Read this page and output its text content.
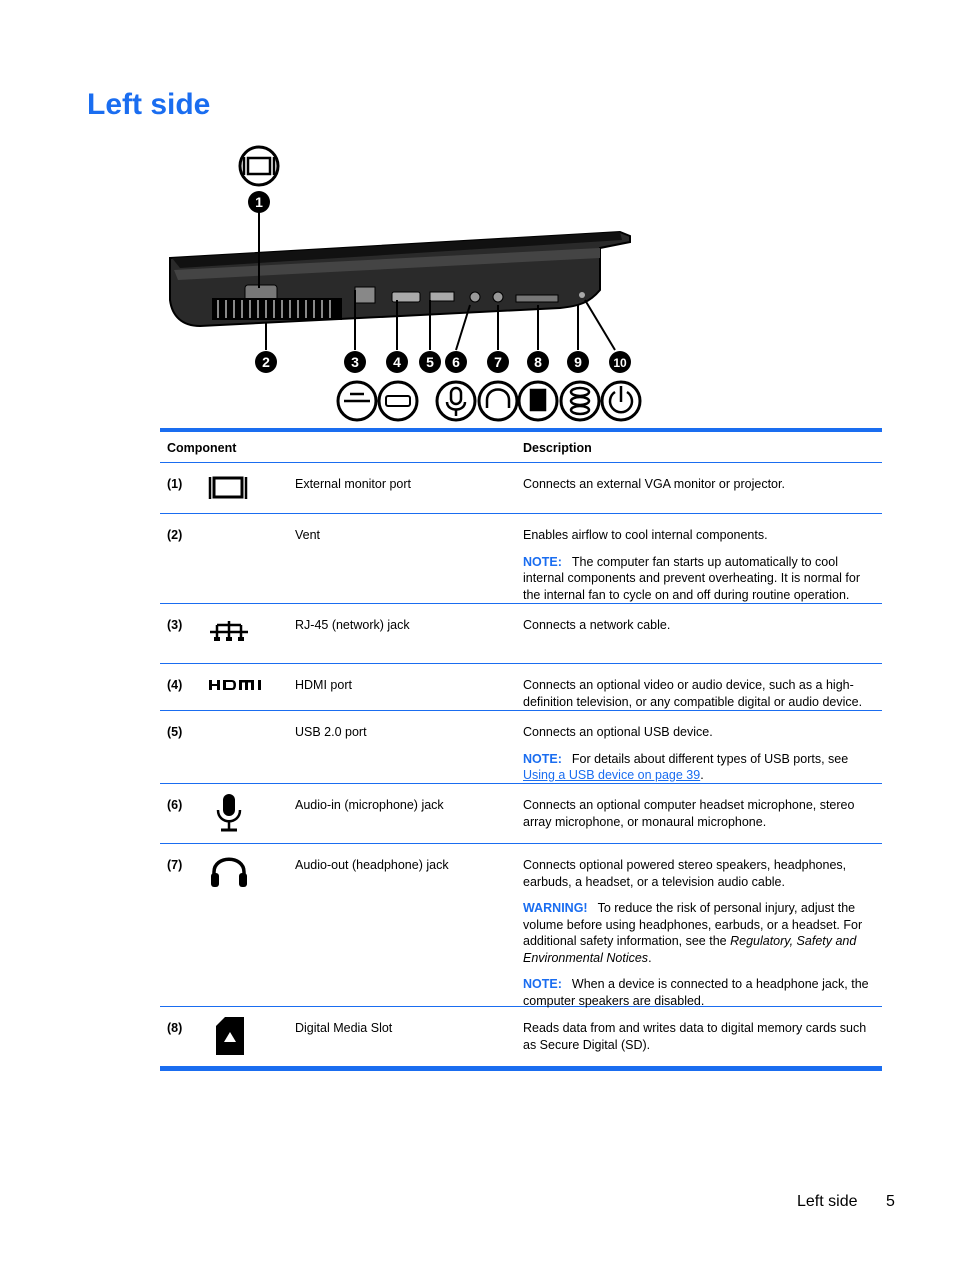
Left side
1
2	3 4 5 6 7 8 9	10
Component	Description
(1)	External monitor port	Connects an external VGA monitor or projector.

(2)	Vent	Enables airflow to cool internal components.

NOTE: The computer fan starts up automatically to cool internal components and prevent overheating. It is normal for the internal fan to cycle on and off during routine operation.

(3)	RJ-45 (network) jack	Connects a network cable.

(4)	HDMI port	Connects an optional video or audio device, such as a high-definition television, or any compatible digital or audio device.

(5)	USB 2.0 port	Connects an optional USB device.

NOTE: For details about different types of USB ports, see Using a USB device on page 39.

(6)	Audio-in (microphone) jack	Connects an optional computer headset microphone, stereo array microphone, or monaural microphone.

(7)	Audio-out (headphone) jack	Connects optional powered stereo speakers, headphones, earbuds, a headset, or a television audio cable.

WARNING! To reduce the risk of personal injury, adjust the volume before using headphones, earbuds, or a headset. For additional safety information, see the Regulatory, Safety and Environmental Notices.

NOTE: When a device is connected to a headphone jack, the computer speakers are disabled.

(8)	Digital Media Slot	Reads data from and writes data to digital memory cards such as Secure Digital (SD).

Left side 5
